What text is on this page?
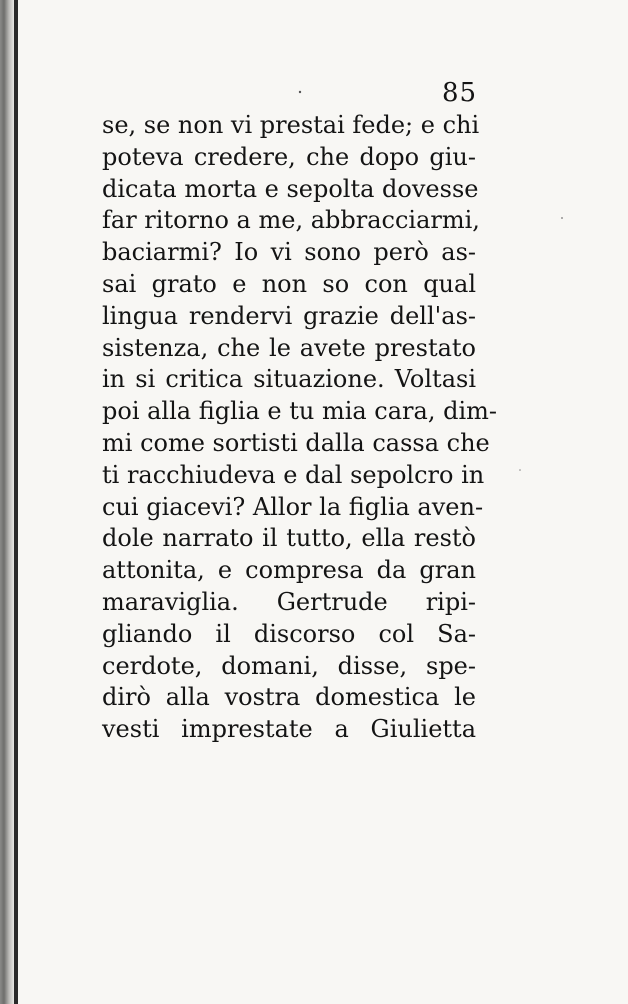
85
se, se non vi prestai fede; e chi
poteva credere, che dopo giu-
dicata morta e sepolta dovesse
far ritorno a me, abbracciarmi,
baciarmi? Io vi sono però as-
sai grato e non so con qual
lingua rendervi grazie dell'as-
sistenza, che le avete prestato
in si critica situazione. Voltasi
poi alla figlia e tu mia cara, dim-
mi come sortisti dalla cassa che
ti racchiudeva e dal sepolcro in
cui giacevi? Allor la figlia aven-
dole narrato il tutto, ella restò
attonita, e compresa da gran
maraviglia. Gertrude ripi-
gliando il discorso col Sa-
cerdote, domani, disse, spe-
dirò alla vostra domestica le
vesti imprestate a Giulietta
